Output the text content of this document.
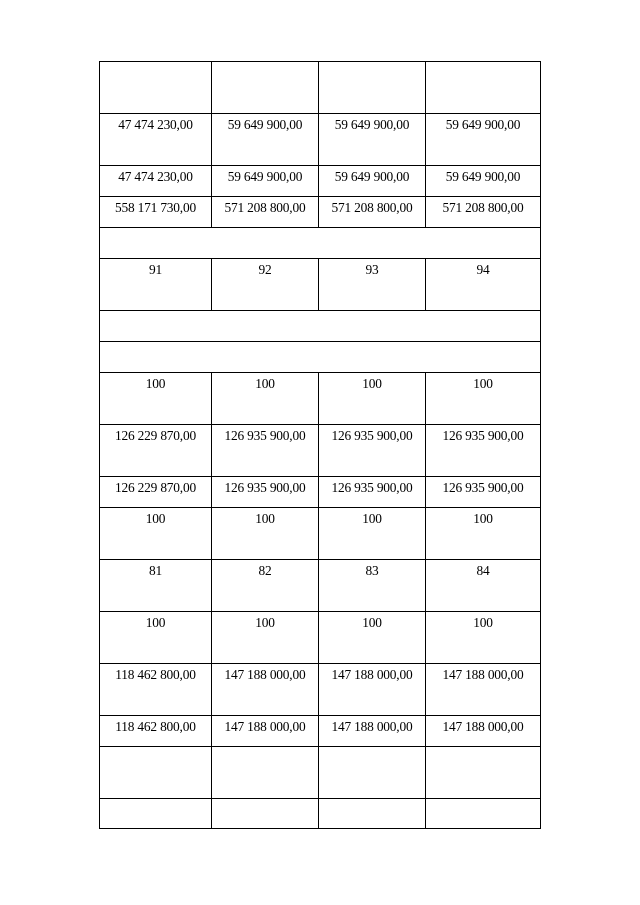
47 474 230,00	59 649 900,00	59 649 900,00	59 649 900,00

47 474 230,00	59 649 900,00	59 649 900,00	59 649 900,00

558 171 730,00	571 208 800,00	571 208 800,00	571 208 800,00

91	92	93	94

100	100	100	100

126 229 870,00	126 935 900,00	126 935 900,00	126 935 900,00

126 229 870,00	126 935 900,00	126 935 900,00	126 935 900,00

100	100	100	100

81	82	83	84

100	100	100	100

118 462 800,00	147 188 000,00	147 188 000,00	147 188 000,00

118 462 800,00	147 188 000,00	147 188 000,00	147 188 000,00
